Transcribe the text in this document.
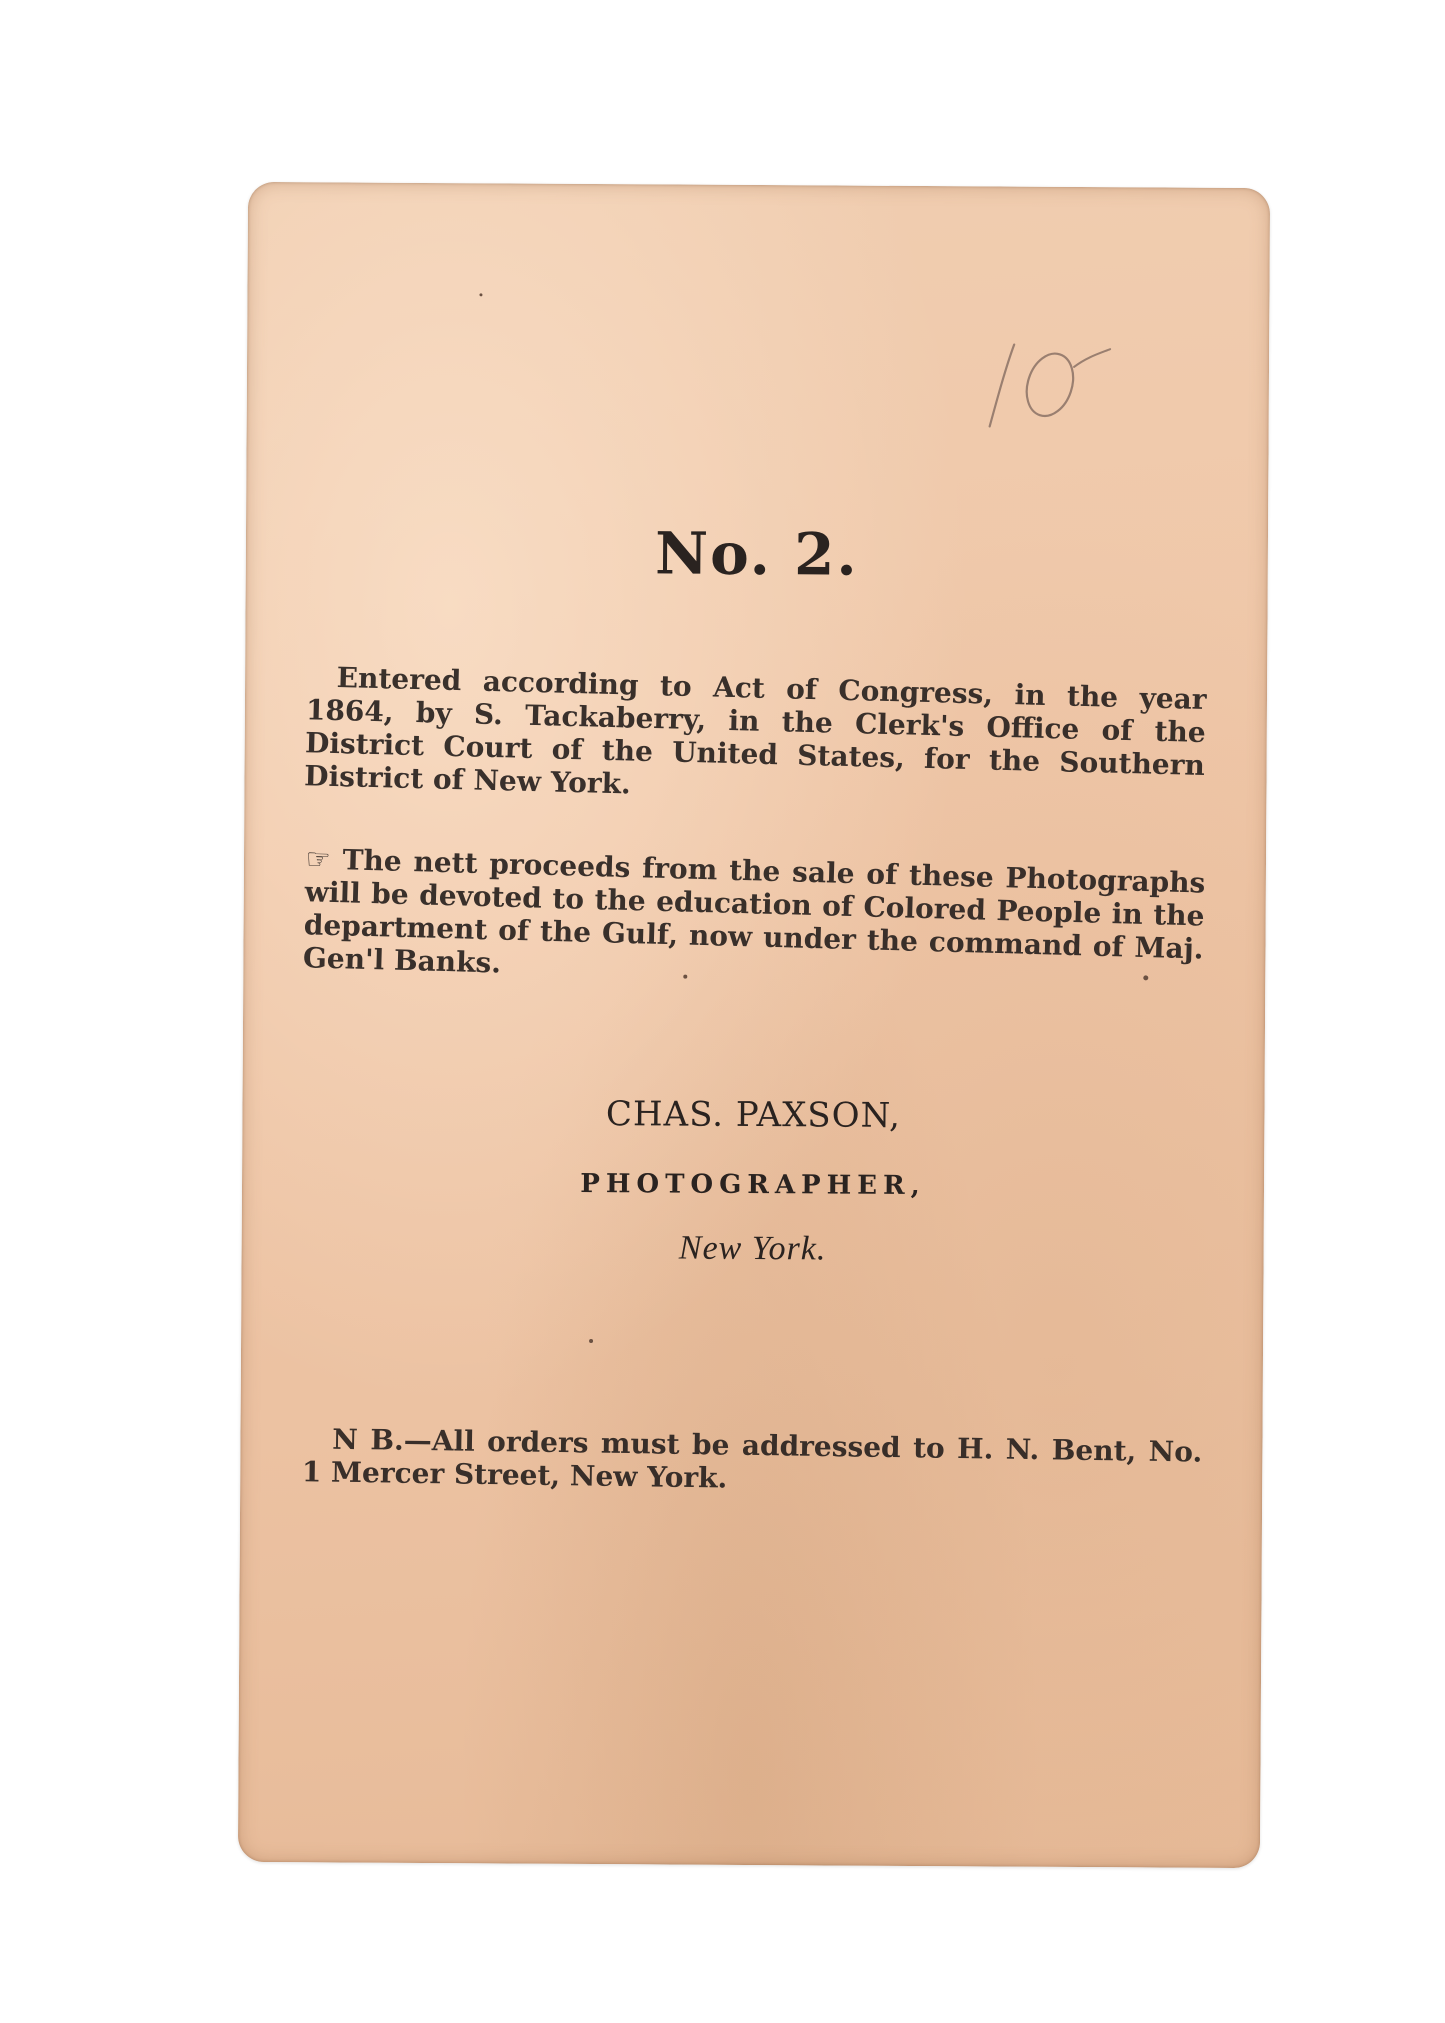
10

No. 2.

Entered according to Act of Congress, in the year 1864, by S. Tackaberry, in the Clerk's Office of the District Court of the United States, for the Southern District of New York.

☞ The nett proceeds from the sale of these Photographs will be devoted to the education of Colored People in the department of the Gulf, now under the command of Maj. Gen'l Banks.

CHAS. PAXSON,

PHOTOGRAPHER,

New York.

N B.—All orders must be addressed to H. N. Bent, No. 1 Mercer Street, New York.
